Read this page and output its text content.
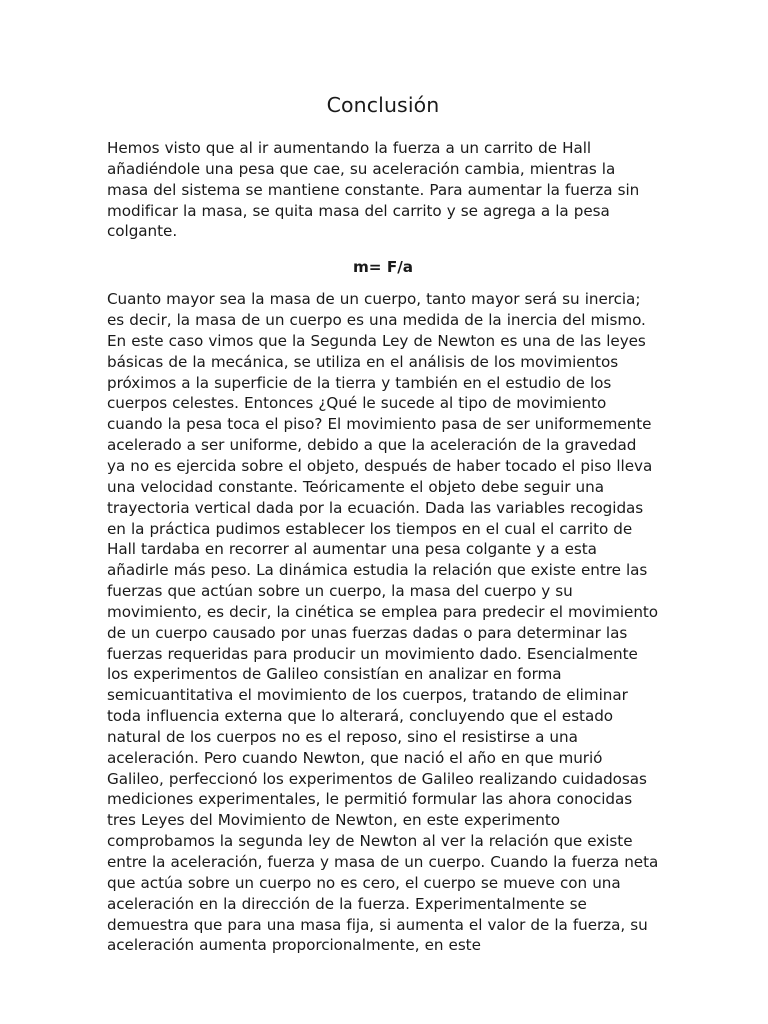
Conclusión

Hemos visto que al ir aumentando la fuerza a un carrito de Hall añadiéndole una pesa que cae, su aceleración cambia, mientras la masa del sistema se mantiene constante. Para aumentar la fuerza sin modificar la masa, se quita masa del carrito y se agrega a la pesa colgante.

m= F/a

Cuanto mayor sea la masa de un cuerpo, tanto mayor será su inercia; es decir, la masa de un cuerpo es una medida de la inercia del mismo. En este caso vimos que la Segunda Ley de Newton es una de las leyes básicas de la mecánica, se utiliza en el análisis de los movimientos próximos a la superficie de la tierra y también en el estudio de los cuerpos celestes. Entonces ¿Qué le sucede al tipo de movimiento cuando la pesa toca el piso? El movimiento pasa de ser uniformemente acelerado a ser uniforme, debido a que la aceleración de la gravedad ya no es ejercida sobre el objeto, después de haber tocado el piso lleva una velocidad constante. Teóricamente el objeto debe seguir una trayectoria vertical dada por la ecuación. Dada las variables recogidas en la práctica pudimos establecer los tiempos en el cual el carrito de Hall tardaba en recorrer al aumentar una pesa colgante y a esta añadirle más peso. La dinámica estudia la relación que existe entre las fuerzas que actúan sobre un cuerpo, la masa del cuerpo y su movimiento, es decir, la cinética se emplea para predecir el movimiento de un cuerpo causado por unas fuerzas dadas o para determinar las fuerzas requeridas para producir un movimiento dado. Esencialmente los experimentos de Galileo consistían en analizar en forma semicuantitativa el movimiento de los cuerpos, tratando de eliminar toda influencia externa que lo alterará, concluyendo que el estado natural de los cuerpos no es el reposo, sino el resistirse a una aceleración. Pero cuando Newton, que nació el año en que murió Galileo, perfeccionó los experimentos de Galileo realizando cuidadosas mediciones experimentales, le permitió formular las ahora conocidas tres Leyes del Movimiento de Newton, en este experimento comprobamos la segunda ley de Newton al ver la relación que existe entre la aceleración, fuerza y masa de un cuerpo. Cuando la fuerza neta que actúa sobre un cuerpo no es cero, el cuerpo se mueve con una aceleración en la dirección de la fuerza. Experimentalmente se demuestra que para una masa fija, si aumenta el valor de la fuerza, su aceleración aumenta proporcionalmente, en este
